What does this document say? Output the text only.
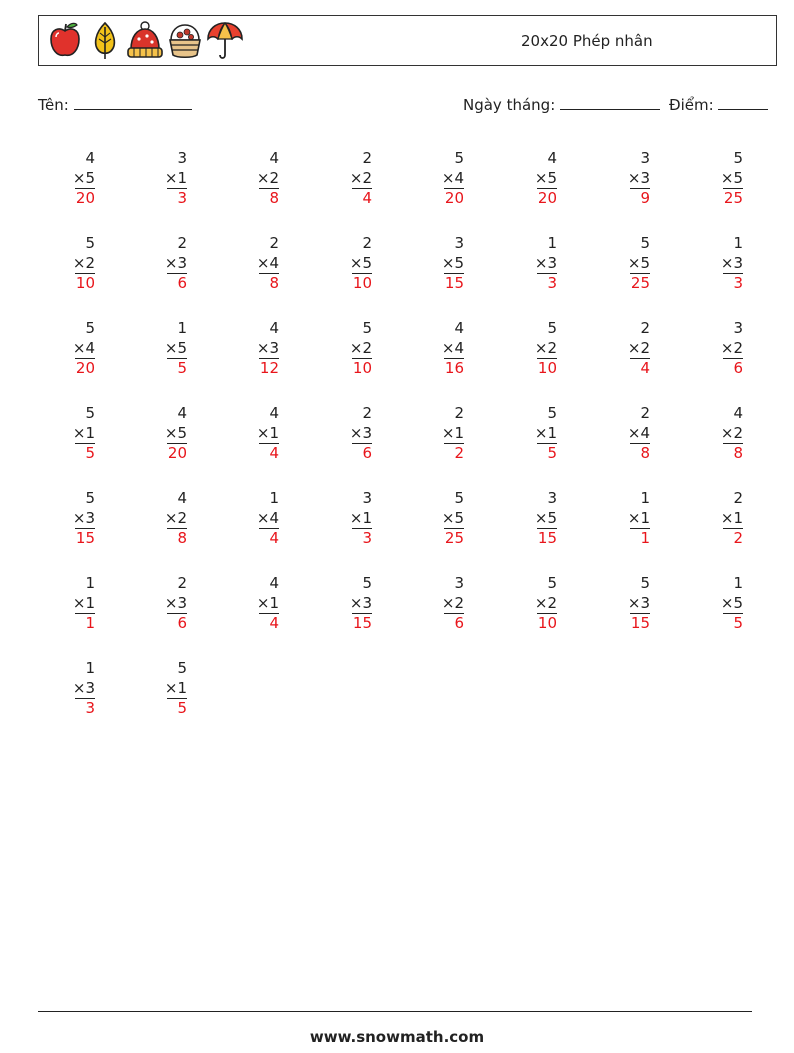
20x20 Phép nhân
Tên:	Ngày tháng:	Điểm:
4
×5
20
3
×1
3
4
×2
8
2
×2
4
5
×4
20
4
×5
20
3
×3
9
5
×5
25
5
×2
10
2
×3
6
2
×4
8
2
×5
10
3
×5
15
1
×3
3
5
×5
25
1
×3
3
5
×4
20
1
×5
5
4
×3
12
5
×2
10
4
×4
16
5
×2
10
2
×2
4
3
×2
6
5
×1
5
4
×5
20
4
×1
4
2
×3
6
2
×1
2
5
×1
5
2
×4
8
4
×2
8
5
×3
15
4
×2
8
1
×4
4
3
×1
3
5
×5
25
3
×5
15
1
×1
1
2
×1
2
1
×1
1
2
×3
6
4
×1
4
5
×3
15
3
×2
6
5
×2
10
5
×3
15
1
×5
5
1
×3
3
5
×1
5
www.snowmath.com
